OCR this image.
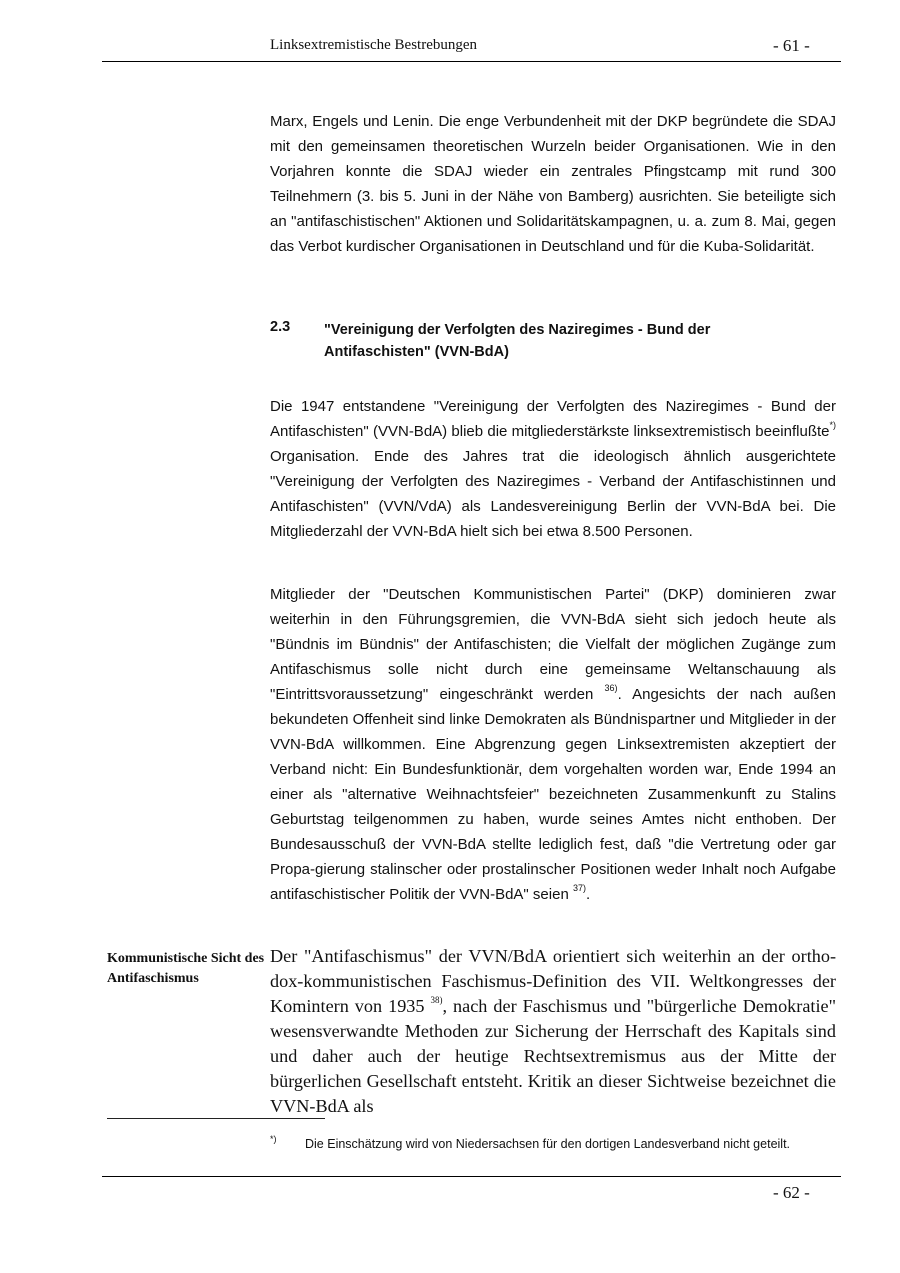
Linksextremistische Bestrebungen	- 61 -

Marx, Engels und Lenin. Die enge Verbundenheit mit der DKP begründete die SDAJ mit den gemeinsamen theoretischen Wurzeln beider Organisationen. Wie in den Vorjahren konnte die SDAJ wieder ein zentrales Pfingstcamp mit rund 300 Teilnehmern (3. bis 5. Juni in der Nähe von Bamberg) ausrichten. Sie beteiligte sich an "antifaschistischen" Aktionen und Solidaritätskampagnen, u. a. zum 8. Mai, gegen das Verbot kurdischer Organisationen in Deutschland und für die Kuba-Solidarität.

2.3 "Vereinigung der Verfolgten des Naziregimes - Bund der Antifaschisten" (VVN-BdA)

Die 1947 entstandene "Vereinigung der Verfolgten des Naziregimes - Bund der Antifaschisten" (VVN-BdA) blieb die mitgliederstärkste linksextremistisch beeinflußte*) Organisation. Ende des Jahres trat die ideologisch ähnlich ausgerichtete "Vereinigung der Verfolgten des Naziregimes - Verband der Antifaschistinnen und Antifaschisten" (VVN/VdA) als Landesvereinigung Berlin der VVN-BdA bei. Die Mitgliederzahl der VVN-BdA hielt sich bei etwa 8.500 Personen.

Mitglieder der "Deutschen Kommunistischen Partei" (DKP) dominieren zwar weiterhin in den Führungsgremien, die VVN-BdA sieht sich jedoch heute als "Bündnis im Bündnis" der Antifaschisten; die Vielfalt der möglichen Zugänge zum Antifaschismus solle nicht durch eine gemeinsame Weltanschauung als "Eintrittsvoraussetzung" eingeschränkt werden $^{36)}$. Angesichts der nach außen bekundeten Offenheit sind linke Demokraten als Bündnispartner und Mitglieder in der VVN-BdA willkommen. Eine Abgrenzung gegen Linksextremisten akzeptiert der Verband nicht: Ein Bundesfunktionär, dem vorgehalten worden war, Ende 1994 an einer als "alternative Weihnachtsfeier" bezeichneten Zusammenkunft zu Stalins Geburtstag teilgenommen zu haben, wurde seines Amtes nicht enthoben. Der Bundesausschuß der VVN-BdA stellte lediglich fest, daß "die Vertretung oder gar Propa-gierung stalinscher oder prostalinscher Positionen weder Inhalt noch Aufgabe antifaschistischer Politik der VVN-BdA" seien $^{37)}$.

Kommunistische Sicht des Antifaschismus

Der "Antifaschismus" der VVN/BdA orientiert sich weiterhin an der ortho-dox-kommunistischen Faschismus-Definition des VII. Weltkongresses der Komintern von 1935 $^{38)}$, nach der Faschismus und "bürgerliche Demokratie" wesensverwandte Methoden zur Sicherung der Herrschaft des Kapitals sind und daher auch der heutige Rechtsextremismus aus der Mitte der bürgerlichen Gesellschaft entsteht. Kritik an dieser Sichtweise bezeichnet die VVN-BdA als

*) Die Einschätzung wird von Niedersachsen für den dortigen Landesverband nicht geteilt.
- 62 -
